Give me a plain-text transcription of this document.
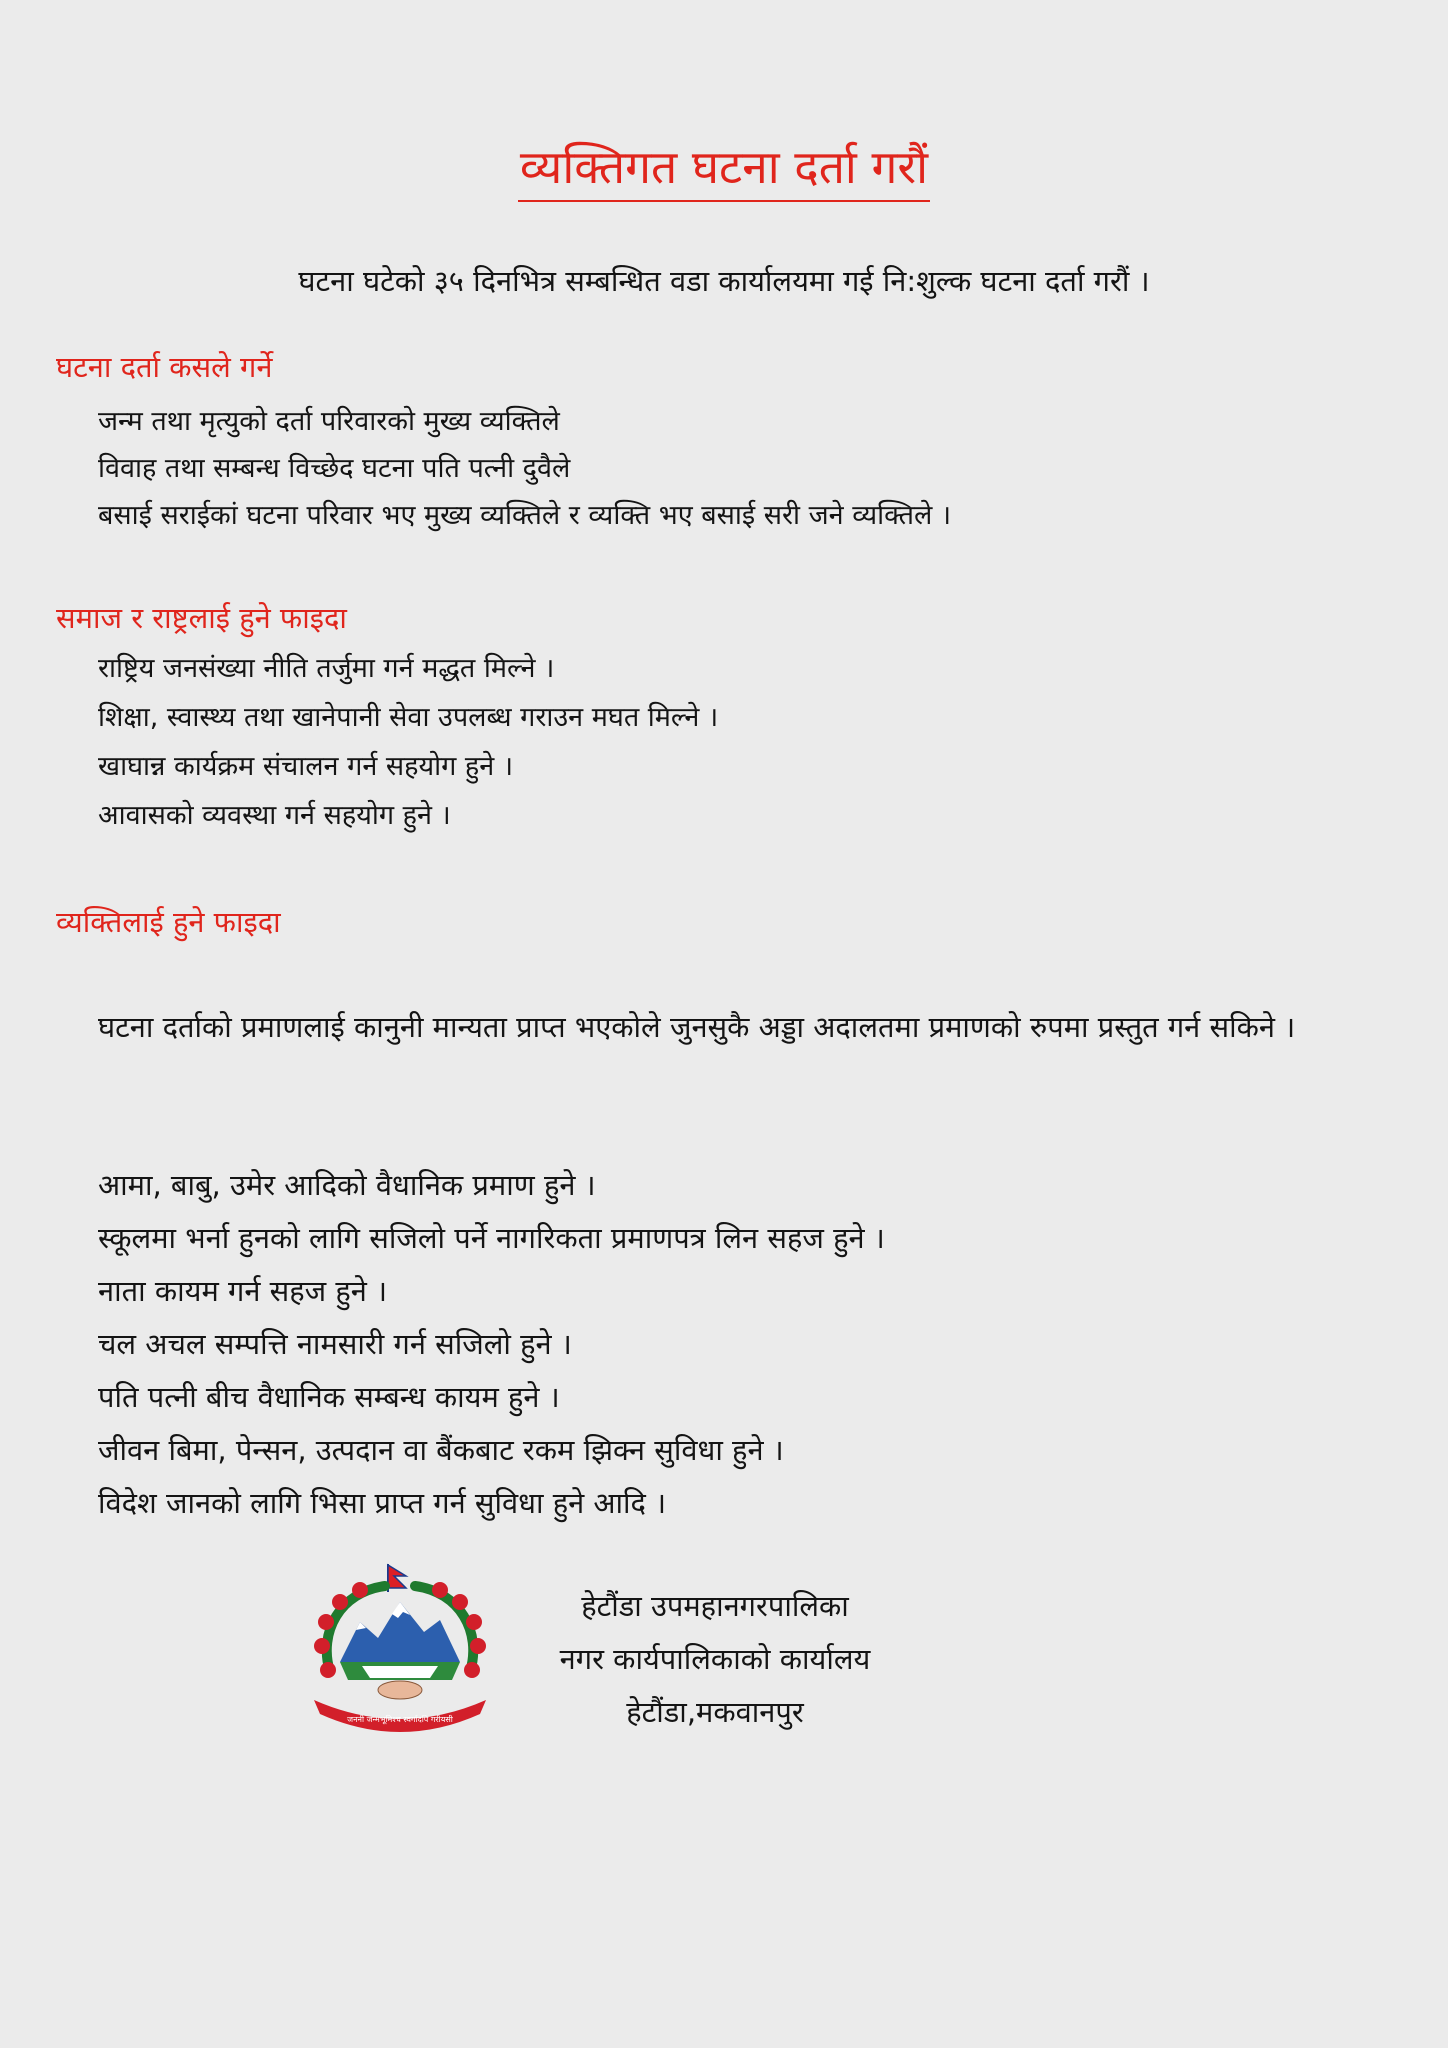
व्यक्तिगत घटना दर्ता गरौं
घटना घटेको ३५ दिनभित्र सम्बन्धित वडा कार्यालयमा गई नि:शुल्क घटना दर्ता गरौं ।
घटना दर्ता कसले गर्ने
जन्म तथा मृत्युको दर्ता परिवारको मुख्य व्यक्तिले
विवाह तथा सम्बन्ध विच्छेद घटना पति पत्नी दुवैले
बसाई सराईकां घटना परिवार भए मुख्य व्यक्तिले र व्यक्ति भए बसाई सरी जने व्यक्तिले ।
समाज र राष्ट्रलाई हुने फाइदा
राष्ट्रिय जनसंख्या नीति तर्जुमा गर्न मद्धत मिल्ने ।
शिक्षा, स्वास्थ्य तथा खानेपानी सेवा उपलब्ध गराउन मघत मिल्ने ।
खाघान्न कार्यक्रम संचालन गर्न सहयोग हुने ।
आवासको व्यवस्था गर्न सहयोग हुने ।
व्यक्तिलाई हुने फाइदा

घटना दर्ताको प्रमाणलाई कानुनी मान्यता प्राप्त भएकोले जुनसुकै अड्डा अदालतमा प्रमाणको रुपमा प्रस्तुत गर्न सकिने ।

आमा, बाबु, उमेर आदिको वैधानिक प्रमाण हुने ।
स्कूलमा भर्ना हुनको लागि सजिलो पर्ने नागरिकता प्रमाणपत्र लिन सहज हुने ।
नाता कायम गर्न सहज हुने ।
चल अचल सम्पत्ति नामसारी गर्न सजिलो हुने ।
पति पत्नी बीच वैधानिक सम्बन्ध कायम हुने ।
जीवन बिमा, पेन्सन, उत्पदान वा बैंकबाट रकम झिक्न सुविधा हुने ।
विदेश जानको लागि भिसा प्राप्त गर्न सुविधा हुने आदि ।
जननी जन्मभूमिश्च स्वर्गादपि गरीयसी
हेटौंडा उपमहानगरपालिका
नगर कार्यपालिकाको कार्यालय
हेटौंडा,मकवानपुर
